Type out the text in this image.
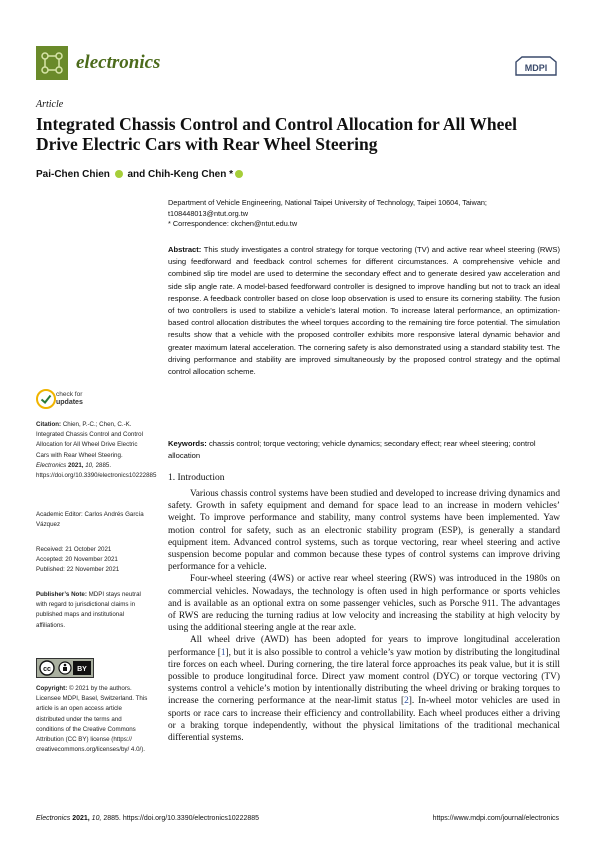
electronics	MDPI
Article
Integrated Chassis Control and Control Allocation for All Wheel Drive Electric Cars with Rear Wheel Steering
Pai-Chen Chien and Chih-Keng Chen *
Department of Vehicle Engineering, National Taipei University of Technology, Taipei 10604, Taiwan;
t108448013@ntut.org.tw
* Correspondence: ckchen@ntut.edu.tw
Abstract: This study investigates a control strategy for torque vectoring (TV) and active rear wheel steering (RWS) using feedforward and feedback control schemes for different circumstances. A comprehensive vehicle and combined slip tire model are used to determine the secondary effect and to generate desired yaw acceleration and side slip angle rate. A model-based feedforward controller is designed to improve handling but not to track an ideal response. A feedback controller based on close loop observation is used to ensure its cornering stability. The fusion of two controllers is used to stabilize a vehicle’s lateral motion. To increase lateral performance, an optimization-based control allocation distributes the wheel torques according to the remaining tire force potential. The simulation results show that a vehicle with the proposed controller exhibits more responsive lateral dynamic behavior and greater maximum lateral acceleration. The cornering safety is also demonstrated using a standard stability test. The driving performance and stability are improved simultaneously by the proposed control strategy and the optimal control allocation scheme.
Keywords: chassis control; torque vectoring; vehicle dynamics; secondary effect; rear wheel steering; control allocation
check for
updates
Citation: Chien, P.-C.; Chen, C.-K. Integrated Chassis Control and Control Allocation for All Wheel Drive Electric Cars with Rear Wheel Steering. Electronics 2021, 10, 2885. https://doi.org/10.3390/electronics10222885
Academic Editor: Carlos Andrés García Vázquez
Received: 21 October 2021
Accepted: 20 November 2021
Published: 22 November 2021
Publisher’s Note: MDPI stays neutral with regard to jurisdictional claims in published maps and institutional affiliations.
cc	BY
Copyright: © 2021 by the authors. Licensee MDPI, Basel, Switzerland. This article is an open access article distributed under the terms and conditions of the Creative Commons Attribution (CC BY) license (https:// creativecommons.org/licenses/by/ 4.0/).
1. Introduction

Various chassis control systems have been studied and developed to increase driving dynamics and safety. Growth in safety equipment and demand for space lead to an increase in modern vehicles’ weight. To improve performance and stability, many control systems have been implemented. Yaw motion control for safety, such as an electronic stability program (ESP), is generally a standard equipment item. Advanced control systems, such as torque vectoring, rear wheel steering and active suspension become popular and common because these types of control systems can improve driving performance for a vehicle.

Four-wheel steering (4WS) or active rear wheel steering (RWS) was introduced in the 1980s on commercial vehicles. Nowadays, the technology is often used in high performance or sports vehicles and is available as an optional extra on some passenger vehicles, such as Porsche 911. The advantages of RWS are reducing the turning radius at low velocity and increasing the stability at high velocity by using the additional steering angle at the rear axle.

All wheel drive (AWD) has been adopted for years to improve longitudinal acceleration performance [1], but it is also possible to control a vehicle’s yaw motion by distributing the longitudinal tire forces on each wheel. During cornering, the tire lateral force approaches its peak value, but it is still possible to produce longitudinal force. Direct yaw moment control (DYC) or torque vectoring (TV) systems control a vehicle’s motion by intentionally distributing the wheel driving or braking torques to increase the cornering performance at the near-limit status [2]. In-wheel motor vehicles are used in sports or race cars to increase their efficiency and controllability. Each wheel produces either a driving or a braking torque independently, without the physical limitations of the traditional mechanical differential systems.

Electronics 2021, 10, 2885. https://doi.org/10.3390/electronics10222885	https://www.mdpi.com/journal/electronics
